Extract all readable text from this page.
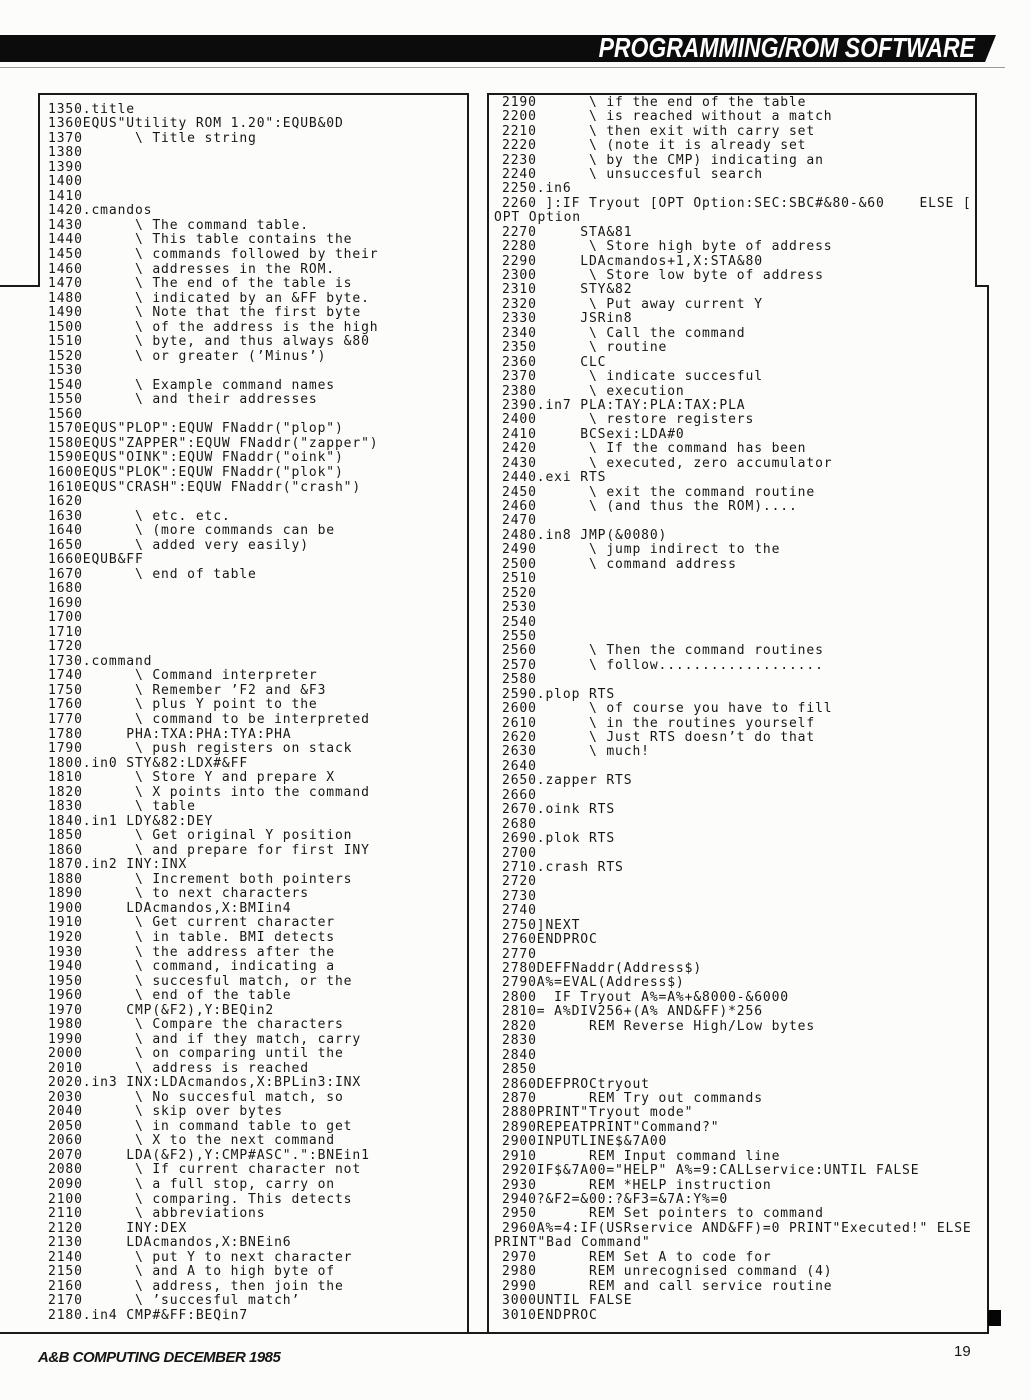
PROGRAMMING/ROM SOFTWARE
1350.title
1360EQUS"Utility ROM 1.20":EQUB&0D
1370      \ Title string
1380
1390
1400
1410
1420.cmandos
1430      \ The command table.
1440      \ This table contains the
1450      \ commands followed by their
1460      \ addresses in the ROM.
1470      \ The end of the table is
1480      \ indicated by an &FF byte.
1490      \ Note that the first byte
1500      \ of the address is the high
1510      \ byte, and thus always &80
1520      \ or greater (’Minus’)
1530
1540      \ Example command names
1550      \ and their addresses
1560
1570EQUS"PLOP":EQUW FNaddr("plop")
1580EQUS"ZAPPER":EQUW FNaddr("zapper")
1590EQUS"OINK":EQUW FNaddr("oink")
1600EQUS"PLOK":EQUW FNaddr("plok")
1610EQUS"CRASH":EQUW FNaddr("crash")
1620
1630      \ etc. etc.
1640      \ (more commands can be
1650      \ added very easily)
1660EQUB&FF
1670      \ end of table
1680
1690
1700
1710
1720
1730.command
1740      \ Command interpreter
1750      \ Remember ’F2 and &F3
1760      \ plus Y point to the
1770      \ command to be interpreted
1780     PHA:TXA:PHA:TYA:PHA
1790      \ push registers on stack
1800.in0 STY&82:LDX#&FF
1810      \ Store Y and prepare X
1820      \ X points into the command
1830      \ table
1840.in1 LDY&82:DEY
1850      \ Get original Y position
1860      \ and prepare for first INY
1870.in2 INY:INX
1880      \ Increment both pointers
1890      \ to next characters
1900     LDAcmandos,X:BMIin4
1910      \ Get current character
1920      \ in table. BMI detects
1930      \ the address after the
1940      \ command, indicating a
1950      \ succesful match, or the
1960      \ end of the table
1970     CMP(&F2),Y:BEQin2
1980      \ Compare the characters
1990      \ and if they match, carry
2000      \ on comparing until the
2010      \ address is reached
2020.in3 INX:LDAcmandos,X:BPLin3:INX
2030      \ No succesful match, so
2040      \ skip over bytes
2050      \ in command table to get
2060      \ X to the next command
2070     LDA(&F2),Y:CMP#ASC".":BNEin1
2080      \ If current character not
2090      \ a full stop, carry on
2100      \ comparing. This detects
2110      \ abbreviations
2120     INY:DEX
2130     LDAcmandos,X:BNEin6
2140      \ put Y to next character
2150      \ and A to high byte of
2160      \ address, then join the
2170      \ ’succesful match’
2180.in4 CMP#&FF:BEQin7
2190      \ if the end of the table
2200      \ is reached without a match
2210      \ then exit with carry set
2220      \ (note it is already set
2230      \ by the CMP) indicating an
2240      \ unsuccesful search
2250.in6
2260 ]:IF Tryout [OPT Option:SEC:SBC#&80-&60    ELSE [
OPT Option
2270     STA&81
2280      \ Store high byte of address
2290     LDAcmandos+1,X:STA&80
2300      \ Store low byte of address
2310     STY&82
2320      \ Put away current Y
2330     JSRin8
2340      \ Call the command
2350      \ routine
2360     CLC
2370      \ indicate succesful
2380      \ execution
2390.in7 PLA:TAY:PLA:TAX:PLA
2400      \ restore registers
2410     BCSexi:LDA#0
2420      \ If the command has been
2430      \ executed, zero accumulator
2440.exi RTS
2450      \ exit the command routine
2460      \ (and thus the ROM)....
2470
2480.in8 JMP(&0080)
2490      \ jump indirect to the
2500      \ command address
2510
2520
2530
2540
2550
2560      \ Then the command routines
2570      \ follow...................
2580
2590.plop RTS
2600      \ of course you have to fill
2610      \ in the routines yourself
2620      \ Just RTS doesn’t do that
2630      \ much!
2640
2650.zapper RTS
2660
2670.oink RTS
2680
2690.plok RTS
2700
2710.crash RTS
2720
2730
2740
2750]NEXT
2760ENDPROC
2770
2780DEFFNaddr(Address$)
2790A%=EVAL(Address$)
2800  IF Tryout A%=A%+&8000-&6000
2810= A%DIV256+(A% AND&FF)*256
2820      REM Reverse High/Low bytes
2830
2840
2850
2860DEFPROCtryout
2870      REM Try out commands
2880PRINT"Tryout mode"
2890REPEATPRINT"Command?"
2900INPUTLINE$&7A00
2910      REM Input command line
2920IF$&7A00="HELP" A%=9:CALLservice:UNTIL FALSE
2930      REM *HELP instruction
2940?&F2=&00:?&F3=&7A:Y%=0
2950      REM Set pointers to command
2960A%=4:IF(USRservice AND&FF)=0 PRINT"Executed!" ELSE
PRINT"Bad Command"
2970      REM Set A to code for
2980      REM unrecognised command (4)
2990      REM and call service routine
3000UNTIL FALSE
3010ENDPROC
A&B COMPUTING DECEMBER 1985	19
